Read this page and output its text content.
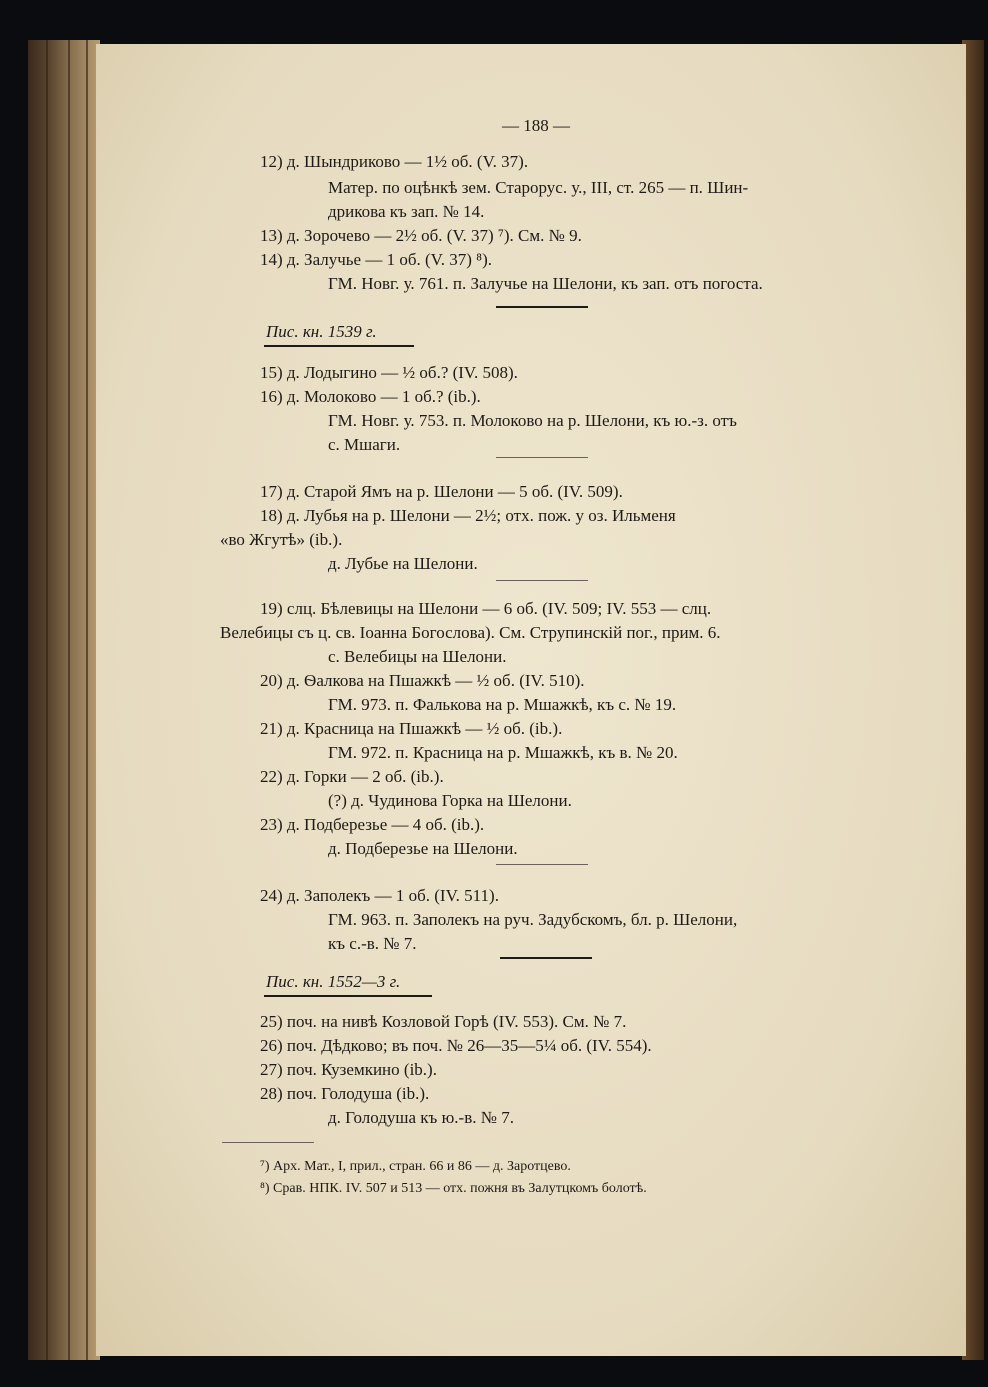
— 188 —
12) д. Шындриково — 1½ об. (V. 37).
Матер. по оцѣнкѣ зем. Старорус. у., III, ст. 265 — п. Шин-
дрикова къ зап. № 14.
13) д. Зорочево — 2½ об. (V. 37) ⁷). См. № 9.
14) д. Залучье — 1 об. (V. 37) ⁸).
ГМ. Новг. у. 761. п. Залучье на Шелони, къ зап. отъ погоста.
Пис. кн. 1539 г.
15) д. Лодыгино — ½ об.? (IV. 508).
16) д. Молоково — 1 об.? (ib.).
ГМ. Новг. у. 753. п. Молоково на р. Шелони, къ ю.-з. отъ
с. Мшаги.
17) д. Старой Ямъ на р. Шелони — 5 об. (IV. 509).
18) д. Лубья на р. Шелони — 2½; отх. пож. у оз. Ильменя
«во Жгутѣ» (ib.).
д. Лубье на Шелони.
19) слц. Бѣлевицы на Шелони — 6 об. (IV. 509; IV. 553 — слц.
Велебицы съ ц. св. Іоанна Богослова). См. Струпинскій пог., прим. 6.
с. Велебицы на Шелони.
20) д. Ѳалкова на Пшажкѣ — ½ об. (IV. 510).
ГМ. 973. п. Фалькова на р. Мшажкѣ, къ с. № 19.
21) д. Красница на Пшажкѣ — ½ об. (ib.).
ГМ. 972. п. Красница на р. Мшажкѣ, къ в. № 20.
22) д. Горки — 2 об. (ib.).
(?) д. Чудинова Горка на Шелони.
23) д. Подберезье — 4 об. (ib.).
д. Подберезье на Шелони.
24) д. Заполекъ — 1 об. (IV. 511).
ГМ. 963. п. Заполекъ на руч. Задубскомъ, бл. р. Шелони,
къ с.-в. № 7.
Пис. кн. 1552—3 г.
25) поч. на нивѣ Козловой Горѣ (IV. 553). См. № 7.
26) поч. Дѣдково; въ поч. № 26—35—5¼ об. (IV. 554).
27) поч. Куземкино (ib.).
28) поч. Голодуша (ib.).
д. Голодуша къ ю.-в. № 7.
⁷) Арх. Мат., I, прил., стран. 66 и 86 — д. Заротцево.
⁸) Срав. НПК. IV. 507 и 513 — отх. пожня въ Залутцкомъ болотѣ.
